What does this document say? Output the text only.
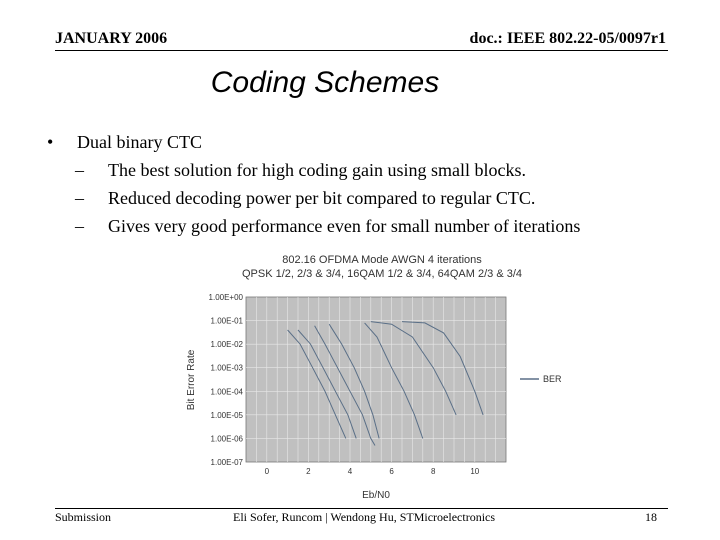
JANUARY 2006	doc.: IEEE 802.22-05/0097r1
Coding Schemes
•	Dual binary CTC
–	The best solution for high coding gain using small blocks.
–	Reduced decoding power per bit compared to regular CTC.
–	Gives very good performance even for small number of iterations
802.16 OFDMA Mode AWGN 4 iterations
QPSK 1/2, 2/3 & 3/4, 16QAM 1/2 & 3/4, 64QAM 2/3 & 3/4
1.00E+00
1.00E-01
1.00E-02
1.00E-03
1.00E-04
1.00E-05
1.00E-06
1.00E-07
0	2	4	6	8	10
Bit Error Rate
Eb/N0
BER
Submission	Eli Sofer, Runcom | Wendong Hu, STMicroelectronics	18
